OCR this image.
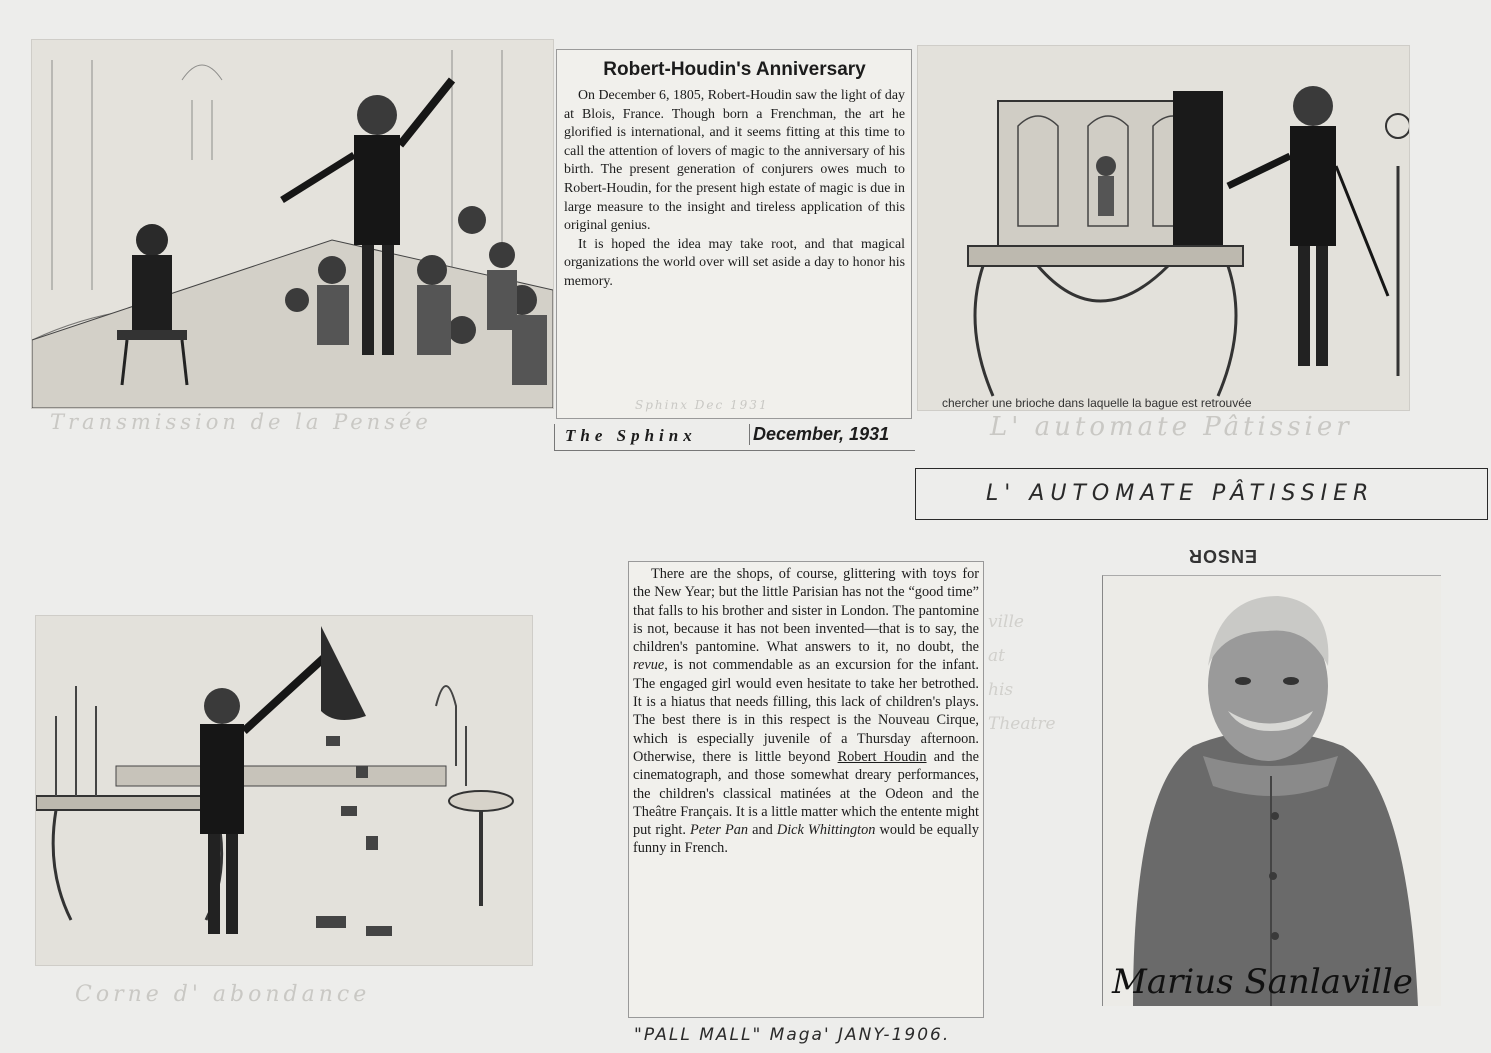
Transmission de la Pensée
Robert-Houdin's Anniversary

On December 6, 1805, Robert-Houdin saw the light of day at Blois, France. Though born a Frenchman, the art he glorified is international, and it seems fitting at this time to call the attention of lovers of magic to the anniversary of his birth. The present generation of conjurers owes much to Robert-Houdin, for the present high estate of magic is due in large measure to the insight and tireless application of this original genius.

It is hoped the idea may take root, and that magical organizations the world over will set aside a day to honor his memory.

Sphinx Dec 1931
The Sphinx	December, 1931
chercher une brioche dans laquelle la bague est retrouvée
L' automate Pâtissier
L' AUTOMATE PÂTISSIER
Corne d' abondance

There are the shops, of course, glittering with toys for the New Year; but the little Parisian has not the “good time” that falls to his brother and sister in London. The pantomine is not, because it has not been invented—that is to say, the children's pantomine. What answers to it, no doubt, the revue, is not commendable as an excursion for the infant. The engaged girl would even hesitate to take her betrothed. It is a hiatus that needs filling, this lack of children's plays. The best there is in this respect is the Nouveau Cirque, which is especially juvenile of a Thursday afternoon. Otherwise, there is little beyond Robert Houdin and the cinematograph, and those somewhat dreary performances, the children's classical matinées at the Odeon and the Theâtre Français. It is a little matter which the entente might put right. Peter Pan and Dick Whittington would be equally funny in French.

"PALL MALL" Maga' JANY-1906.
ville
at
his
Theatre
ENSOR
Marius Sanlaville
